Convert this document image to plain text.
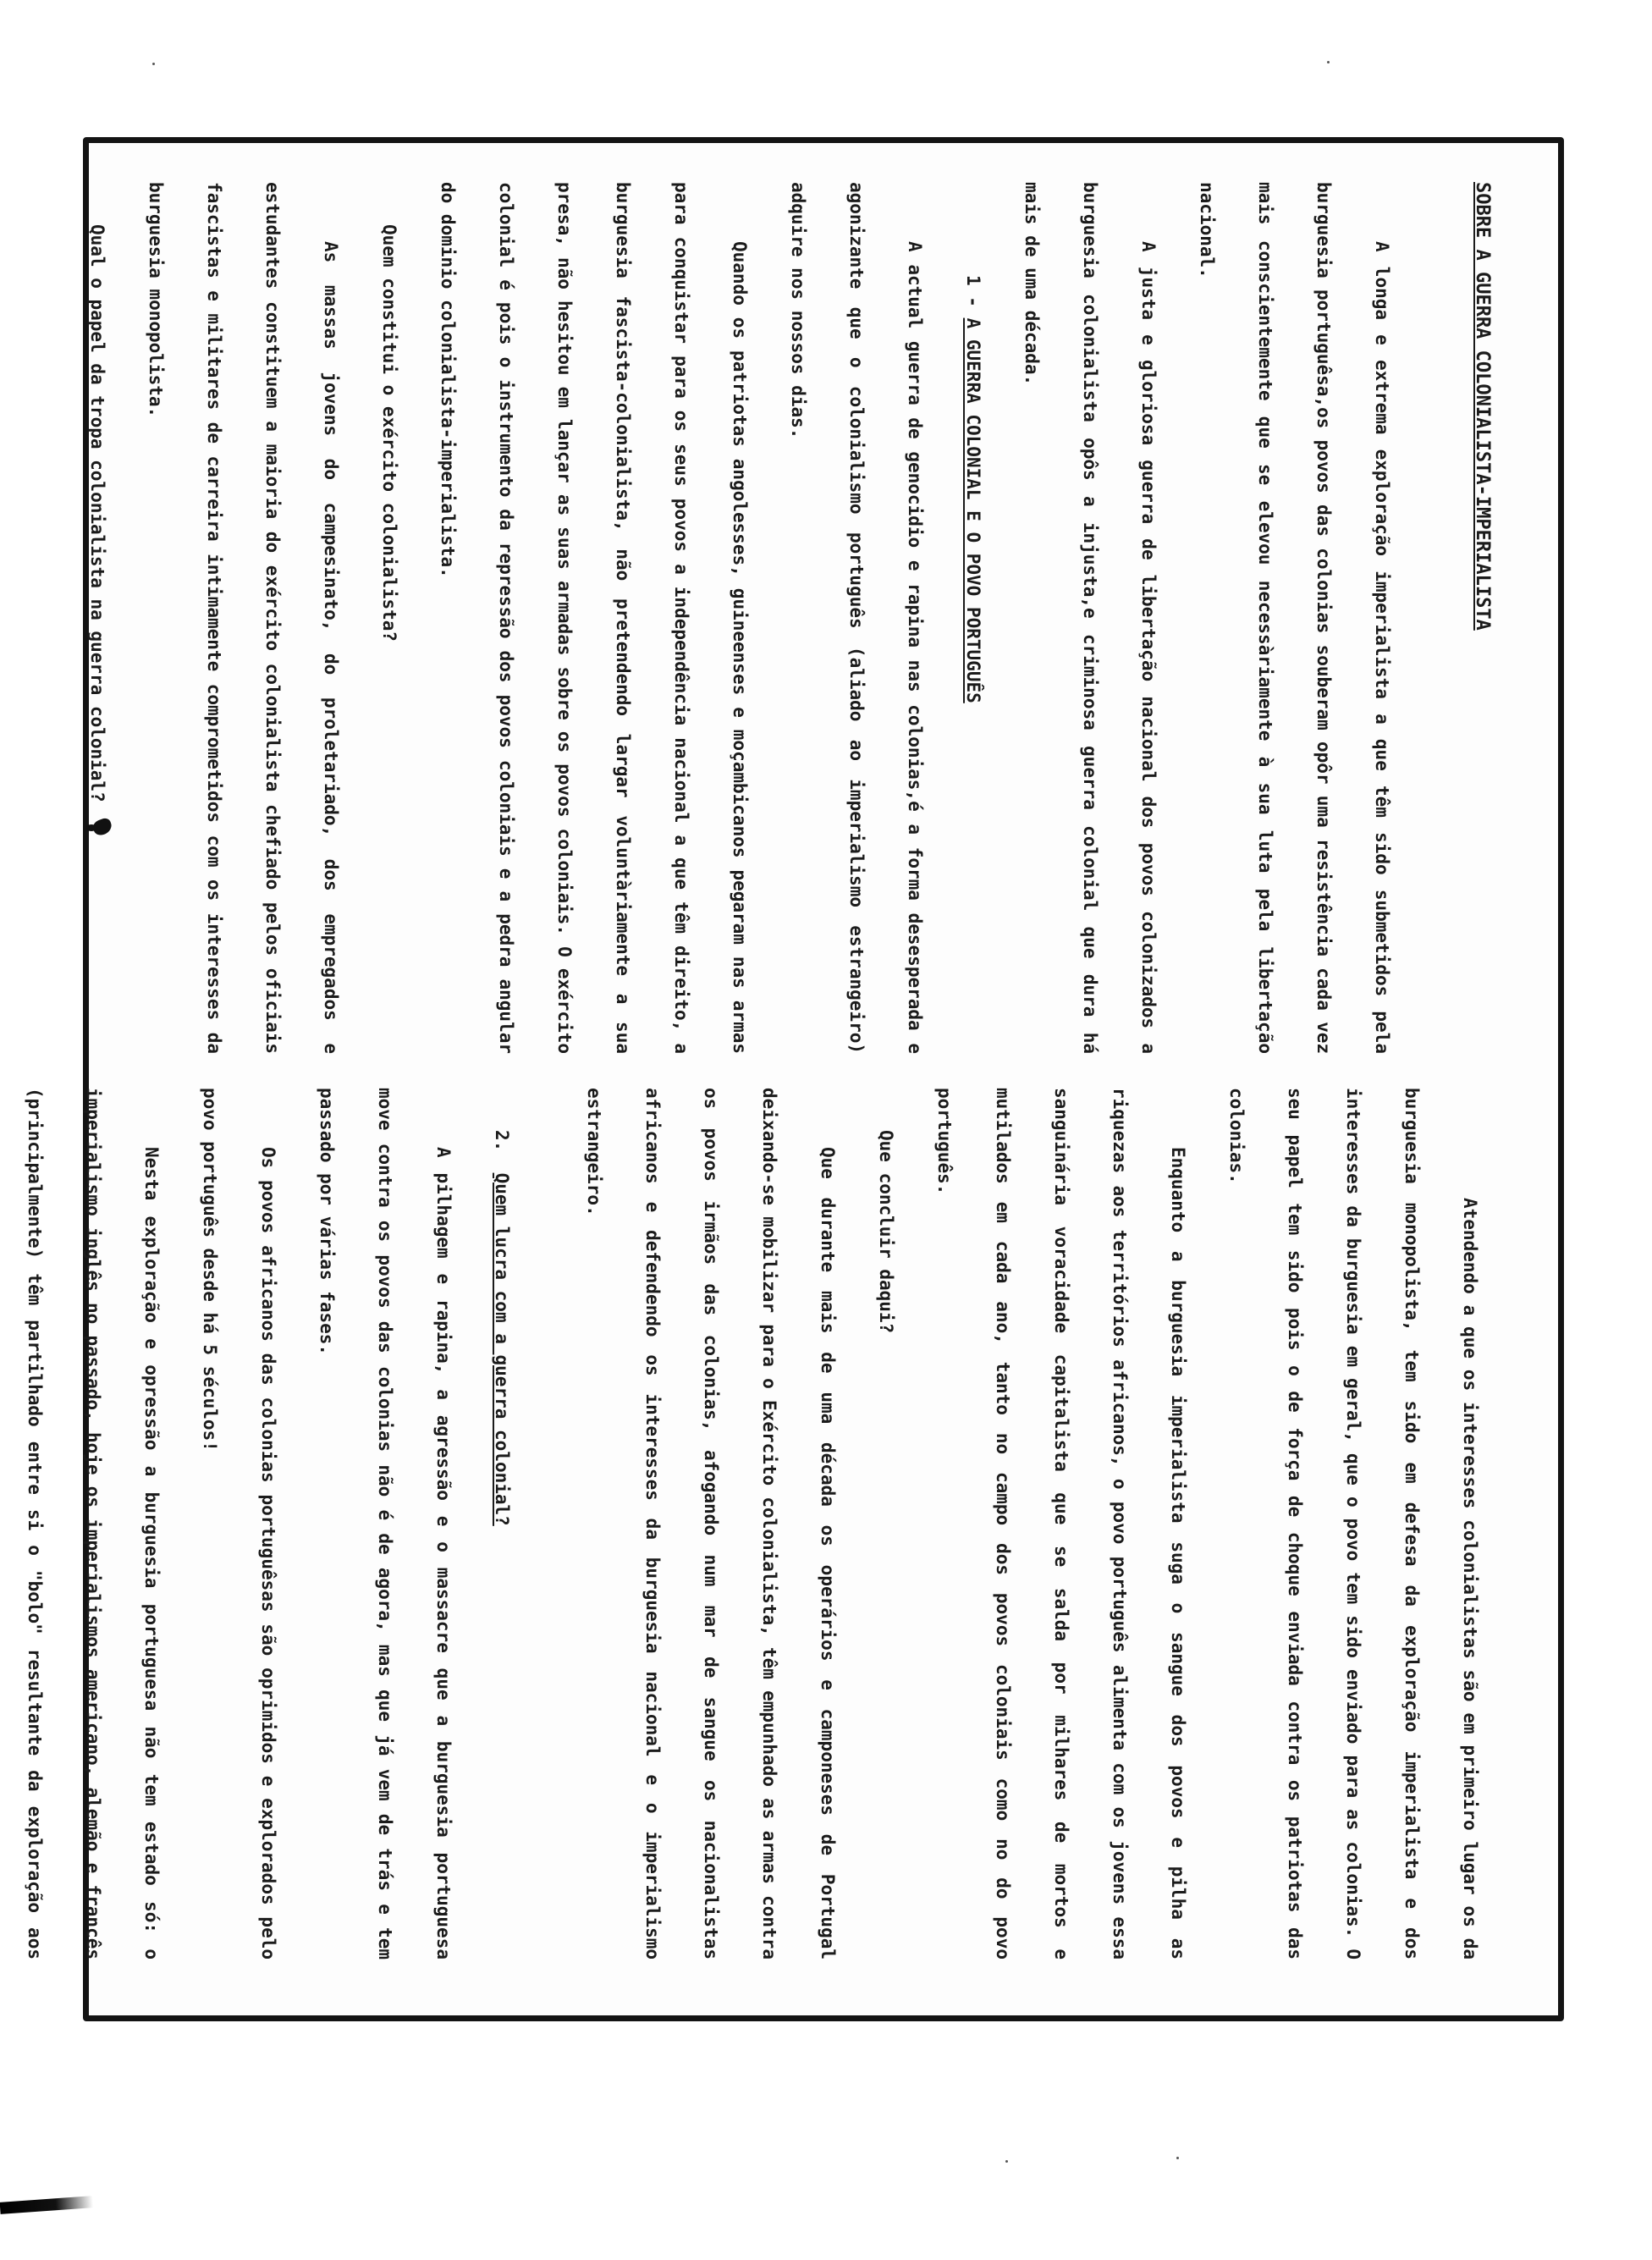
SOBRE A GUERRA COLONIALISTA-IMPERIALISTA

A longa e extrema exploração imperialista a que têm sido submetidos pela burguesia portuguêsa,os povos das colonias souberam opôr uma resistência cada vez mais conscientemente que se elevou necessàriamente à sua luta pela libertação nacional.

A justa e gloriosa guerra de libertação nacional dos povos colonizados a burguesia colonialista opôs a injusta,e criminosa guerra colonial que dura há mais de uma década.

1 - A GUERRA COLONIAL E O POVO PORTUGUÊS

A actual guerra de genocidio e rapina nas colonias,é a forma desesperada e agonizante que o colonialismo português (aliado ao imperialismo estrangeiro) adquire nos nossos dias.

Quando os patriotas angolesses, guineenses e moçambicanos pegaram nas armas para conquistar para os seus povos a independência nacional a que têm direito, a burguesia fascista-colonialista, não pretendendo largar voluntàriamente a sua presa, não hesitou em lançar as suas armadas sobre os povos coloniais. O exército colonial é pois o instrumento da repressão dos povos coloniais e a pedra angular do dominio colonialista-imperialista.

Quem constitui o exército colonialista?

As massas jovens do campesinato, do proletariado, dos empregados e estudantes constituem a maioria do exército colonialista chefiado pelos oficiais fascistas e militares de carreira intimamente comprometidos com os interesses da burguesia monopolista.

Qual o papel da tropa colonialista na guerra colonial?

Atendendo a que os interesses colonialistas são em primeiro lugar os da burguesia monopolista, tem sido em defesa da exploração imperialista e dos interesses da burguesia em geral, que o povo tem sido enviado para as colonias. O seu papel tem sido pois o de força de choque enviada contra os patriotas das colonias.

Enquanto a burguesia imperialista suga o sangue dos povos e pilha as riquezas aos territórios africanos, o povo português alimenta com os jovens essa sanguinária voracidade capitalista que se salda por milhares de mortos e mutilados em cada ano, tanto no campo dos povos coloniais como no do povo português.

Que concluir daqui?

Que durante mais de uma década os operários e camponeses de Portugal deixando-se mobilizar para o Exército colonialista, têm empunhado as armas contra os povos irmãos das colonias, afogando num mar de sangue os nacionalistas africanos e defendendo os interesses da burguesia nacional e o imperialismo estrangeiro.

2.  Quem lucra com a guerra colonial?

A pilhagem e rapina, a agressão e o massacre que a burguesia portuguesa move contra os povos das colonias não é de agora, mas que já vem de trás e tem passado por várias fases.

Os povos africanos das colonias portuguêsas são oprimidos e explorados pelo povo português desde há 5 séculos!

Nesta exploração e opressão a burguesia portuguesa não tem estado só: o imperialismo inglês no passado, hoje os imperialismos americano, alemão e francês (principalmente) têm partilhado entre si o "bolo" resultante da exploração aos
